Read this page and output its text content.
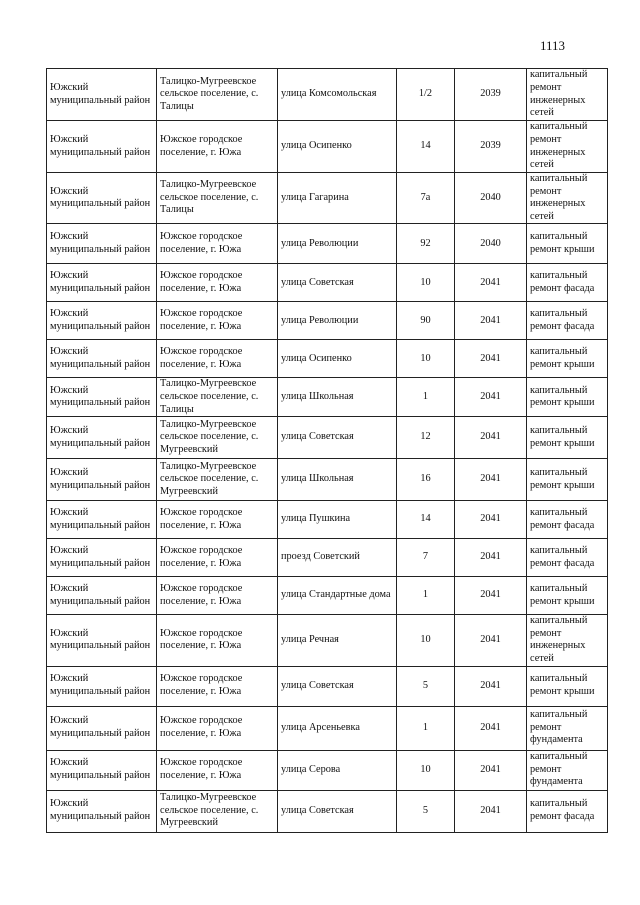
1113
Южский муниципальный район	Талицко-Мугреевское сельское поселение, с. Талицы	улица Комсомольская	1/2	2039	капитальный ремонт инженерных сетей
Южский муниципальный район	Южское городское поселение, г. Южа	улица Осипенко	14	2039	капитальный ремонт инженерных сетей
Южский муниципальный район	Талицко-Мугреевское сельское поселение, с. Талицы	улица Гагарина	7а	2040	капитальный ремонт инженерных сетей
Южский муниципальный район	Южское городское поселение, г. Южа	улица Революции	92	2040	капитальный ремонт крыши
Южский муниципальный район	Южское городское поселение, г. Южа	улица Советская	10	2041	капитальный ремонт фасада
Южский муниципальный район	Южское городское поселение, г. Южа	улица Революции	90	2041	капитальный ремонт фасада
Южский муниципальный район	Южское городское поселение, г. Южа	улица Осипенко	10	2041	капитальный ремонт крыши
Южский муниципальный район	Талицко-Мугреевское сельское поселение, с. Талицы	улица Школьная	1	2041	капитальный ремонт крыши
Южский муниципальный район	Талицко-Мугреевское сельское поселение, с. Мугреевский	улица Советская	12	2041	капитальный ремонт крыши
Южский муниципальный район	Талицко-Мугреевское сельское поселение, с. Мугреевский	улица Школьная	16	2041	капитальный ремонт крыши
Южский муниципальный район	Южское городское поселение, г. Южа	улица Пушкина	14	2041	капитальный ремонт фасада
Южский муниципальный район	Южское городское поселение, г. Южа	проезд Советский	7	2041	капитальный ремонт фасада
Южский муниципальный район	Южское городское поселение, г. Южа	улица Стандартные дома	1	2041	капитальный ремонт крыши
Южский муниципальный район	Южское городское поселение, г. Южа	улица Речная	10	2041	капитальный ремонт инженерных сетей
Южский муниципальный район	Южское городское поселение, г. Южа	улица Советская	5	2041	капитальный ремонт крыши
Южский муниципальный район	Южское городское поселение, г. Южа	улица Арсеньевка	1	2041	капитальный ремонт фундамента
Южский муниципальный район	Южское городское поселение, г. Южа	улица Серова	10	2041	капитальный ремонт фундамента
Южский муниципальный район	Талицко-Мугреевское сельское поселение, с. Мугреевский	улица Советская	5	2041	капитальный ремонт фасада
